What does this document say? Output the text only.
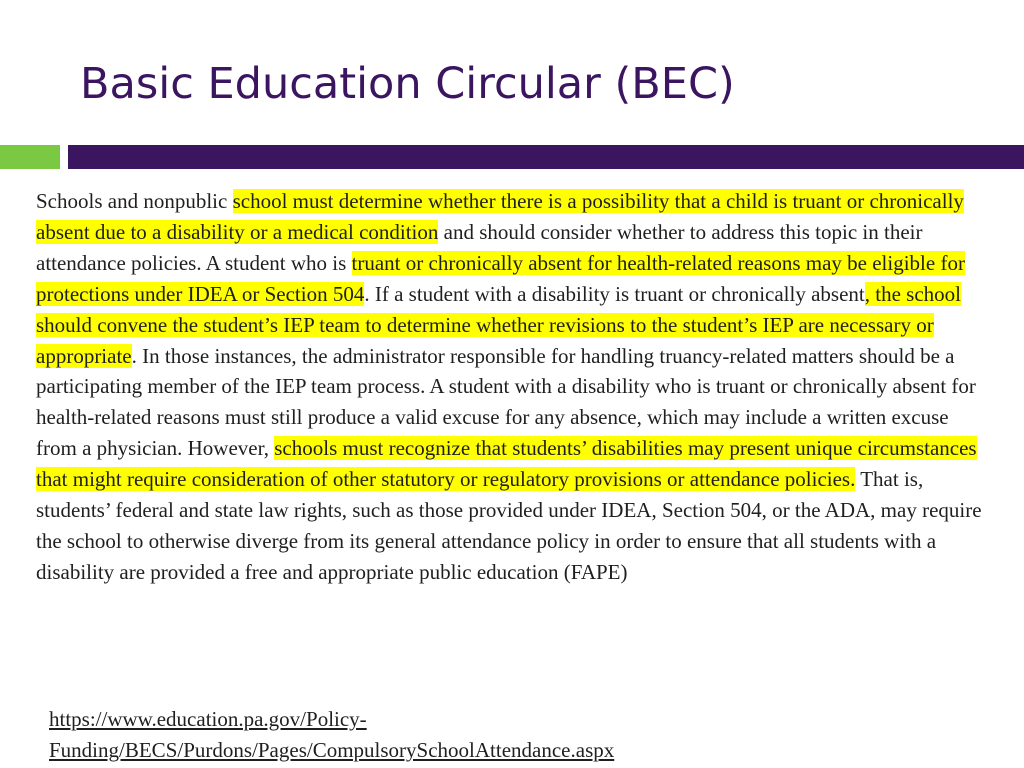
Basic Education Circular (BEC)

Schools and nonpublic school must determine whether there is a possibility that a child is truant or chronically absent due to a disability or a medical condition and should consider whether to address this topic in their attendance policies. A student who is truant or chronically absent for health-related reasons may be eligible for protections under IDEA or Section 504. If a student with a disability is truant or chronically absent, the school should convene the student’s IEP team to determine whether revisions to the student’s IEP are necessary or appropriate. In those instances, the administrator responsible for handling truancy-related matters should be a participating member of the IEP team process. A student with a disability who is truant or chronically absent for health-related reasons must still produce a valid excuse for any absence, which may include a written excuse from a physician. However, schools must recognize that students’ disabilities may present unique circumstances that might require consideration of other statutory or regulatory provisions or attendance policies. That is, students’ federal and state law rights, such as those provided under IDEA, Section 504, or the ADA, may require the school to otherwise diverge from its general attendance policy in order to ensure that all students with a disability are provided a free and appropriate public education (FAPE)

https://www.education.pa.gov/Policy-
Funding/BECS/Purdons/Pages/CompulsorySchoolAttendance.aspx
